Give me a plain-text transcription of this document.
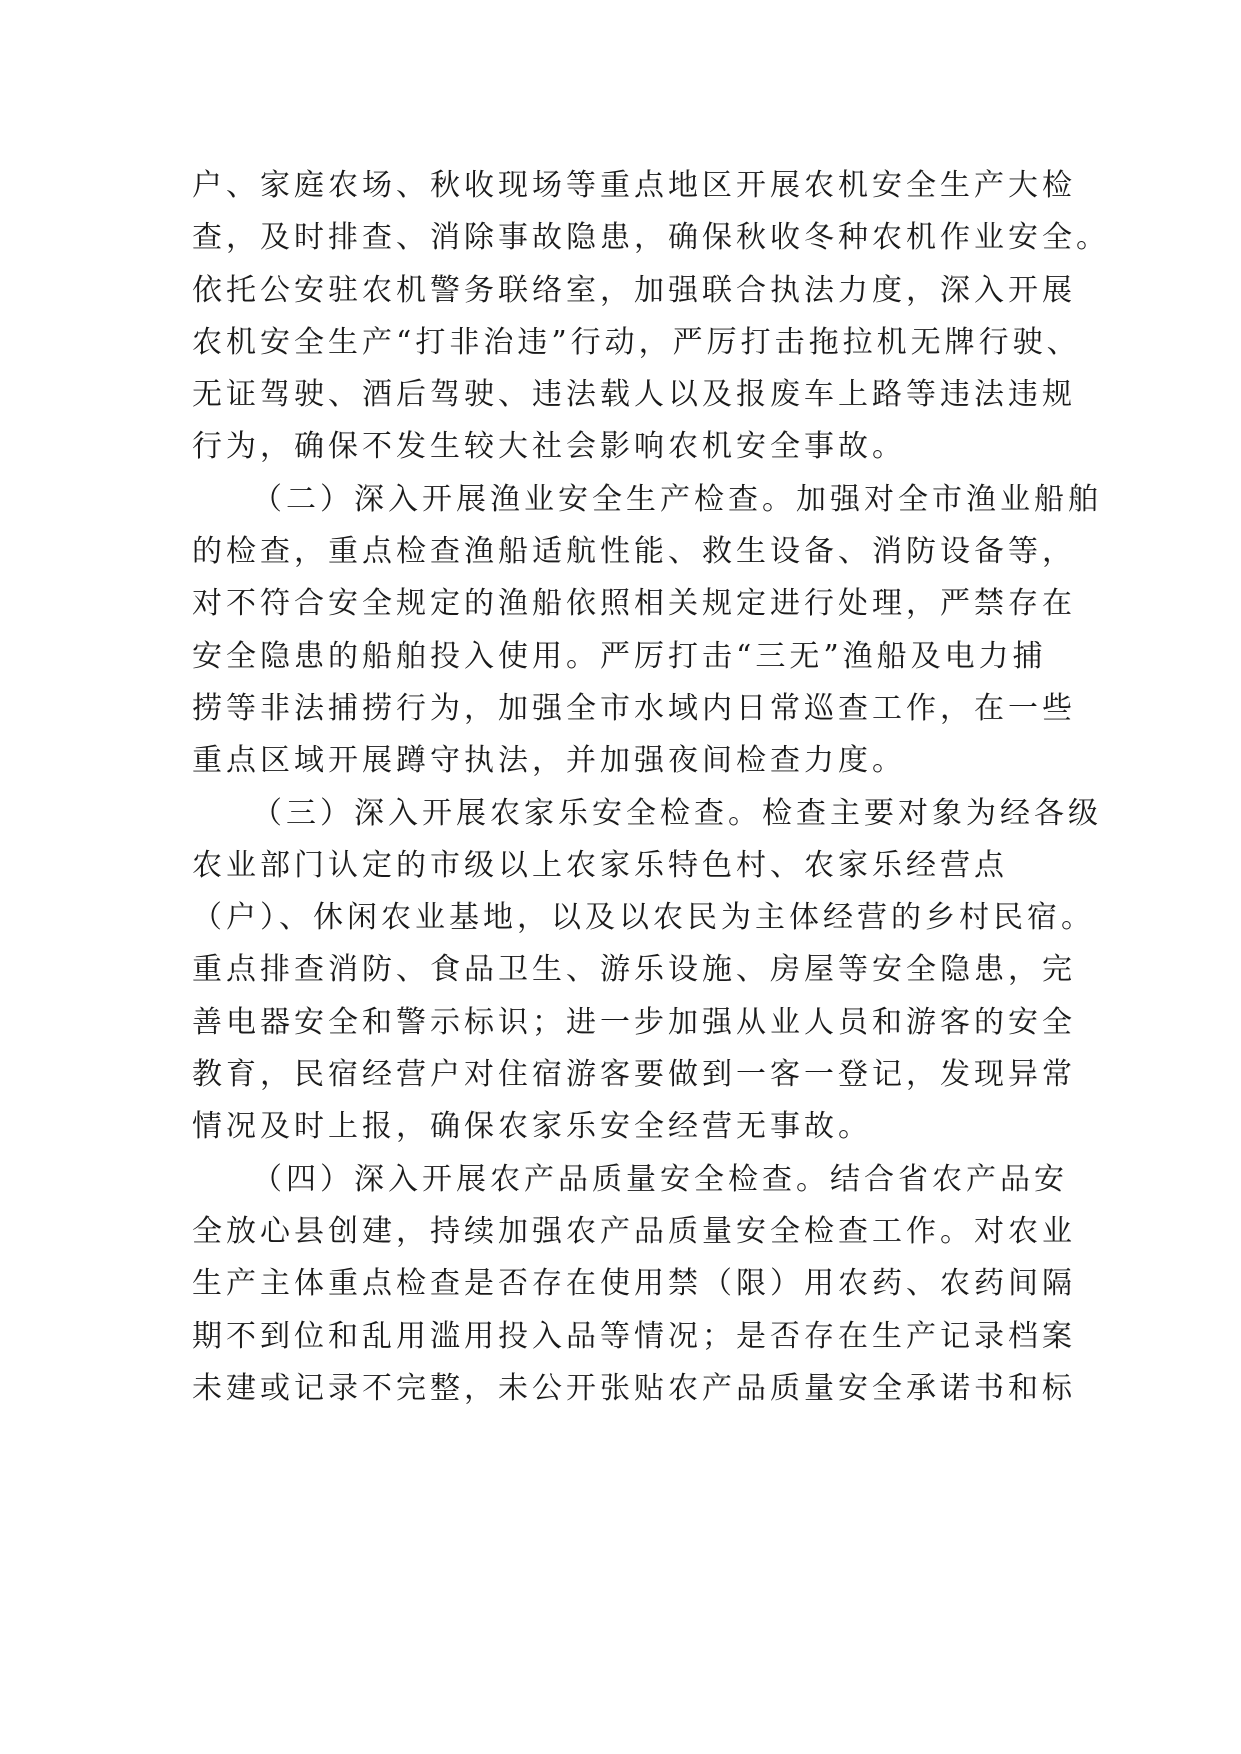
户、家庭农场、秋收现场等重点地区开展农机安全生产大检
查，及时排查、消除事故隐患，确保秋收冬种农机作业安全。
依托公安驻农机警务联络室，加强联合执法力度，深入开展
农机安全生产“打非治违”行动，严厉打击拖拉机无牌行驶、
无证驾驶、酒后驾驶、违法载人以及报废车上路等违法违规
行为，确保不发生较大社会影响农机安全事故。
（二）深入开展渔业安全生产检查。加强对全市渔业船舶
的检查，重点检查渔船适航性能、救生设备、消防设备等，
对不符合安全规定的渔船依照相关规定进行处理，严禁存在
安全隐患的船舶投入使用。严厉打击“三无”渔船及电力捕
捞等非法捕捞行为，加强全市水域内日常巡查工作，在一些
重点区域开展蹲守执法，并加强夜间检查力度。
（三）深入开展农家乐安全检查。检查主要对象为经各级
农业部门认定的市级以上农家乐特色村、农家乐经营点
（户）、休闲农业基地，以及以农民为主体经营的乡村民宿。
重点排查消防、食品卫生、游乐设施、房屋等安全隐患，完
善电器安全和警示标识；进一步加强从业人员和游客的安全
教育，民宿经营户对住宿游客要做到一客一登记，发现异常
情况及时上报，确保农家乐安全经营无事故。
（四）深入开展农产品质量安全检查。结合省农产品安
全放心县创建，持续加强农产品质量安全检查工作。对农业
生产主体重点检查是否存在使用禁（限）用农药、农药间隔
期不到位和乱用滥用投入品等情况；是否存在生产记录档案
未建或记录不完整，未公开张贴农产品质量安全承诺书和标
